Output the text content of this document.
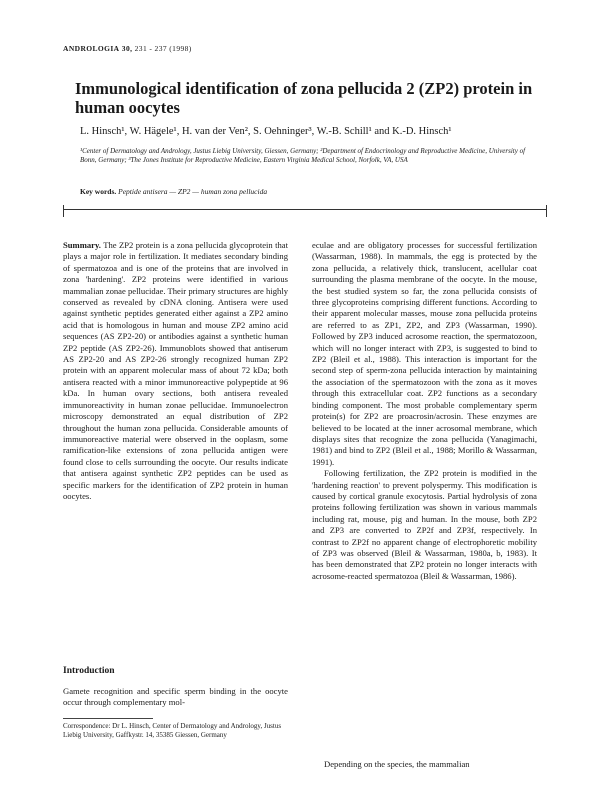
ANDROLOGIA 30, 231 - 237 (1998)
Immunological identification of zona pellucida 2 (ZP2) protein in human oocytes
L. Hinsch¹, W. Hägele¹, H. van der Ven², S. Oehninger³, W.-B. Schill¹ and K.-D. Hinsch¹
¹Center of Dermatology and Andrology, Justus Liebig University, Giessen, Germany; ²Department of Endocrinology and Reproductive Medicine, University of Bonn, Germany; ³The Jones Institute for Reproductive Medicine, Eastern Virginia Medical School, Norfolk, VA, USA
Key words. Peptide antisera — ZP2 — human zona pellucida

Summary. The ZP2 protein is a zona pellucida glycoprotein that plays a major role in fertilization. It mediates secondary binding of spermatozoa and is one of the proteins that are involved in zona 'hardening'. ZP2 proteins were identified in various mammalian zonae pellucidae. Their primary structures are highly conserved as revealed by cDNA cloning. Antisera were used against synthetic peptides generated either against a ZP2 amino acid that is homologous in human and mouse ZP2 amino acid sequences (AS ZP2-20) or antibodies against a synthetic human ZP2 peptide (AS ZP2-26). Immunoblots showed that antiserum AS ZP2-20 and AS ZP2-26 strongly recognized human ZP2 protein with an apparent molecular mass of about 72 kDa; both antisera reacted with a minor immunoreactive polypeptide at 96 kDa. In human ovary sections, both antisera revealed immunoreactivity in human zonae pellucidae. Immunoelectron microscopy demonstrated an equal distribution of ZP2 throughout the human zona pellucida. Considerable amounts of immunoreactive material were observed in the ooplasm, some ramification-like extensions of zona pellucida antigen were found close to cells surrounding the oocyte. Our results indicate that antisera against synthetic ZP2 peptides can be used as specific markers for the identification of ZP2 protein in human oocytes.

Introduction
Gamete recognition and specific sperm binding in the oocyte occur through complementary mol-
Correspondence: Dr L. Hinsch, Center of Dermatology and Andrology, Justus Liebig University, Gaffkystr. 14, 35385 Giessen, Germany

eculae and are obligatory processes for successful fertilization (Wassarman, 1988). In mammals, the egg is protected by the zona pellucida, a relatively thick, translucent, acellular coat surrounding the plasma membrane of the oocyte. In the mouse, the best studied system so far, the zona pellucida consists of three glycoproteins comprising different functions. According to their apparent molecular masses, mouse zona pellucida proteins are referred to as ZP1, ZP2, and ZP3 (Wassarman, 1990). Followed by ZP3 induced acrosome reaction, the spermatozoon, which will no longer interact with ZP3, is suggested to bind to ZP2 (Bleil et al., 1988). This interaction is important for the second step of sperm-zona pellucida interaction by maintaining the association of the spermatozoon with the zona as it moves through this extracellular coat. ZP2 functions as a secondary binding component. The most probable complementary sperm protein(s) for ZP2 are proacrosin/acrosin. These enzymes are believed to be located at the inner acrosomal membrane, which displays sites that recognize the zona pellucida (Yanagimachi, 1981) and bind to ZP2 (Bleil et al., 1988; Morillo & Wassarman, 1991).

Following fertilization, the ZP2 protein is modified in the 'hardening reaction' to prevent polyspermy. This modification is caused by cortical granule exocytosis. Partial hydrolysis of zona proteins following fertilization was shown in various mammals including rat, mouse, pig and human. In the mouse, both ZP2 and ZP3 are converted to ZP2f and ZP3f, respectively. In contrast to ZP2f no apparent change of electrophoretic mobility of ZP3 was observed (Bleil & Wassarman, 1980a, b, 1983). It has been demonstrated that ZP2 protein no longer interacts with acrosome-reacted spermatozoa (Bleil & Wassarman, 1986).

Depending on the species, the mammalian
